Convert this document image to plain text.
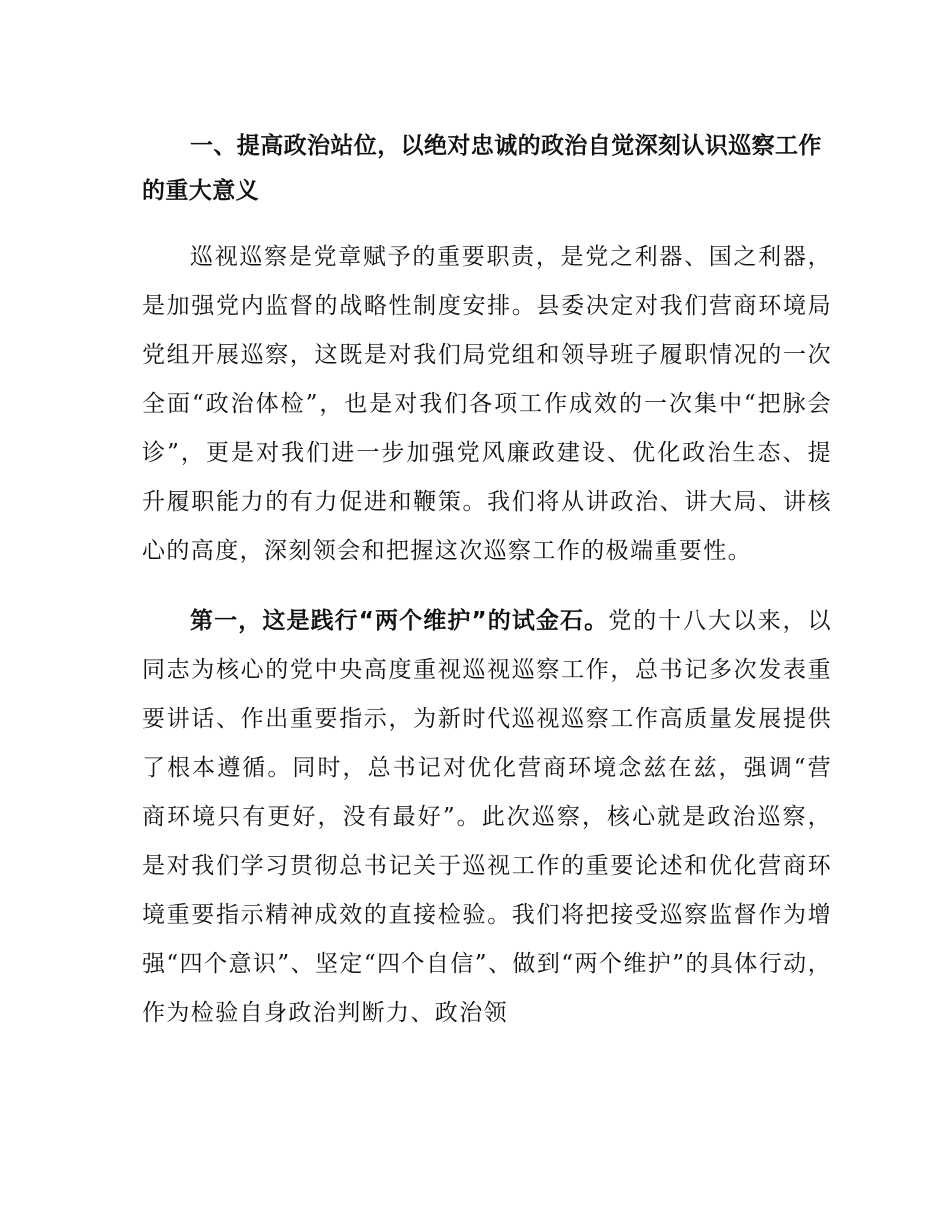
一、提高政治站位，以绝对忠诚的政治自觉深刻认识巡察工作的重大意义

巡视巡察是党章赋予的重要职责，是党之利器、国之利器，是加强党内监督的战略性制度安排。县委决定对我们营商环境局党组开展巡察，这既是对我们局党组和领导班子履职情况的一次全面“政治体检”，也是对我们各项工作成效的一次集中“把脉会诊”，更是对我们进一步加强党风廉政建设、优化政治生态、提升履职能力的有力促进和鞭策。我们将从讲政治、讲大局、讲核心的高度，深刻领会和把握这次巡察工作的极端重要性。

第一，这是践行“两个维护”的试金石。党的十八大以来，以同志为核心的党中央高度重视巡视巡察工作，总书记多次发表重要讲话、作出重要指示，为新时代巡视巡察工作高质量发展提供了根本遵循。同时，总书记对优化营商环境念兹在兹，强调“营商环境只有更好，没有最好”。此次巡察，核心就是政治巡察，是对我们学习贯彻总书记关于巡视工作的重要论述和优化营商环境重要指示精神成效的直接检验。我们将把接受巡察监督作为增强“四个意识”、坚定“四个自信”、做到“两个维护”的具体行动，作为检验自身政治判断力、政治领
